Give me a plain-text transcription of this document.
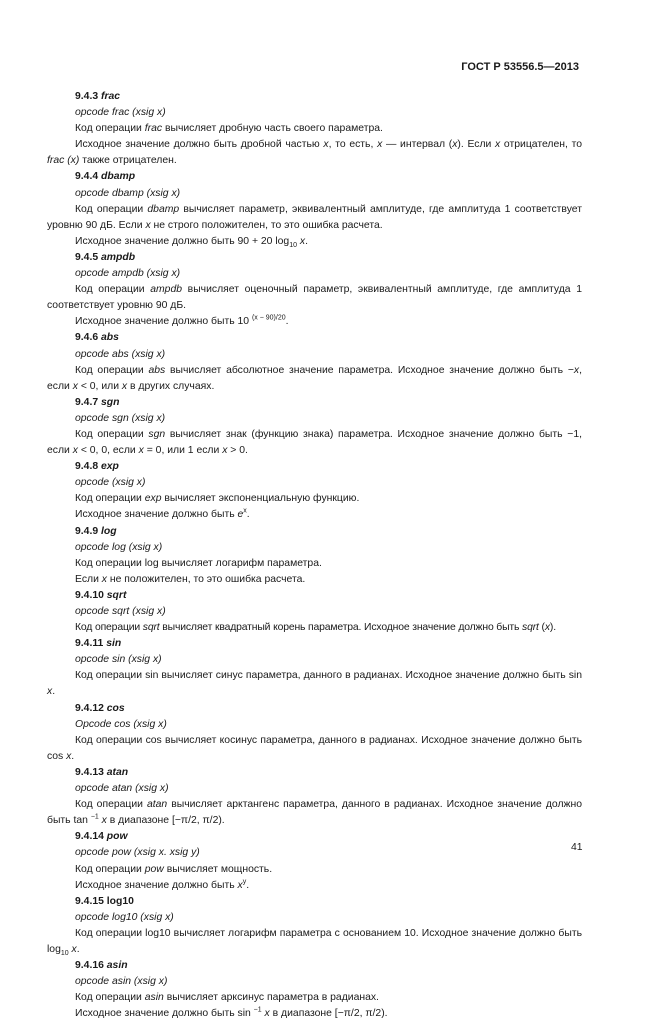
ГОСТ Р 53556.5—2013

9.4.3 frac

opcode frac (xsig x)

Код операции frac вычисляет дробную часть своего параметра.

Исходное значение должно быть дробной частью x, то есть, x — интервал (x). Если x отрицателен, то frac (x) также отрицателен.

9.4.4 dbamp

opcode dbamp (xsig x)

Код операции dbamp вычисляет параметр, эквивалентный амплитуде, где амплитуда 1 соответствует уровню 90 дБ. Если x не строго положителен, то это ошибка расчета.

Исходное значение должно быть 90 + 20 $\log_{10} x$.

9.4.5 ampdb

opcode ampdb (xsig x)

Код операции ampdb вычисляет оценочный параметр, эквивалентный амплитуде, где амплитуда 1 соответствует уровню 90 дБ.

Исходное значение должно быть 10 $^{(x - 90)/20}$.

9.4.6 abs

opcode abs (xsig x)

Код операции abs вычисляет абсолютное значение параметра. Исходное значение должно быть −x, если x < 0, или x в других случаях.

9.4.7 sgn

opcode sgn (xsig x)

Код операции sgn вычисляет знак (функцию знака) параметра. Исходное значение должно быть −1, если x < 0, 0, если x = 0, или 1 если x > 0.

9.4.8 exp

opcode (xsig x)

Код операции exp вычисляет экспоненциальную функцию.

Исходное значение должно быть $e^x$.

9.4.9 log

opcode log (xsig x)

Код операции log вычисляет логарифм параметра.

Если x не положителен, то это ошибка расчета.

9.4.10 sqrt

opcode sqrt (xsig x)

Код операции sqrt вычисляет квадратный корень параметра. Исходное значение должно быть sqrt (x).

9.4.11 sin

opcode sin (xsig x)

Код операции sin вычисляет синус параметра, данного в радианах. Исходное значение должно быть sin x.

9.4.12 cos

Opcode cos (xsig x)

Код операции cos вычисляет косинус параметра, данного в радианах. Исходное значение должно быть cos x.

9.4.13 atan

opcode atan (xsig x)

Код операции atan вычисляет арктангенс параметра, данного в радианах. Исходное значение должно быть tan $^{-1}$ x в диапазоне [−π/2, π/2).

9.4.14 pow

opcode pow (xsig x. xsig y)

Код операции pow вычисляет мощность.

Исходное значение должно быть $x^y$.

9.4.15 log10

opcode log10 (xsig x)

Код операции log10 вычисляет логарифм параметра с основанием 10. Исходное значение должно быть $\log_{10} x$.

9.4.16 asin

opcode asin (xsig x)

Код операции asin вычисляет арксинус параметра в радианах.

Исходное значение должно быть sin $^{-1}$ x в диапазоне [−π/2, π/2).

41
